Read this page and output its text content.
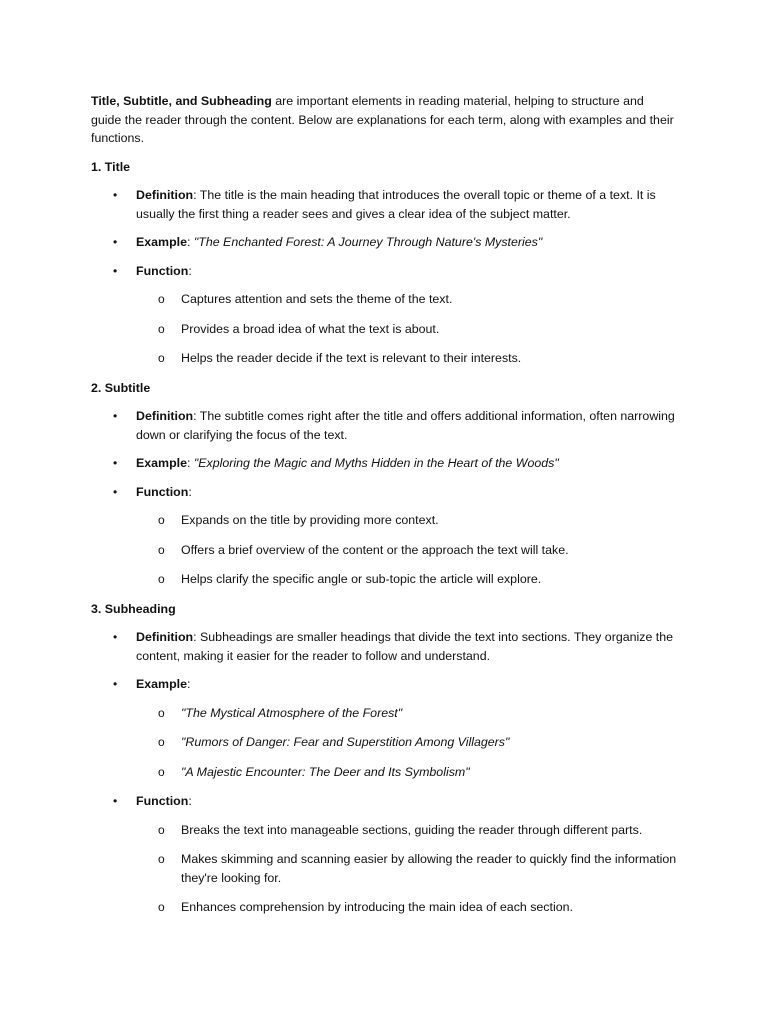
Title, Subtitle, and Subheading are important elements in reading material, helping to structure and guide the reader through the content. Below are explanations for each term, along with examples and their functions.

1. Title

•	Definition: The title is the main heading that introduces the overall topic or theme of a text. It is usually the first thing a reader sees and gives a clear idea of the subject matter.
•	Example: "The Enchanted Forest: A Journey Through Nature's Mysteries"
•	Function:
o	Captures attention and sets the theme of the text.
o	Provides a broad idea of what the text is about.
o	Helps the reader decide if the text is relevant to their interests.

2. Subtitle

•	Definition: The subtitle comes right after the title and offers additional information, often narrowing down or clarifying the focus of the text.
•	Example: "Exploring the Magic and Myths Hidden in the Heart of the Woods"
•	Function:
o	Expands on the title by providing more context.
o	Offers a brief overview of the content or the approach the text will take.
o	Helps clarify the specific angle or sub-topic the article will explore.

3. Subheading

•	Definition: Subheadings are smaller headings that divide the text into sections. They organize the content, making it easier for the reader to follow and understand.
•	Example:
o	"The Mystical Atmosphere of the Forest"
o	"Rumors of Danger: Fear and Superstition Among Villagers"
o	"A Majestic Encounter: The Deer and Its Symbolism"
•	Function:
o	Breaks the text into manageable sections, guiding the reader through different parts.
o	Makes skimming and scanning easier by allowing the reader to quickly find the information they're looking for.
o	Enhances comprehension by introducing the main idea of each section.
